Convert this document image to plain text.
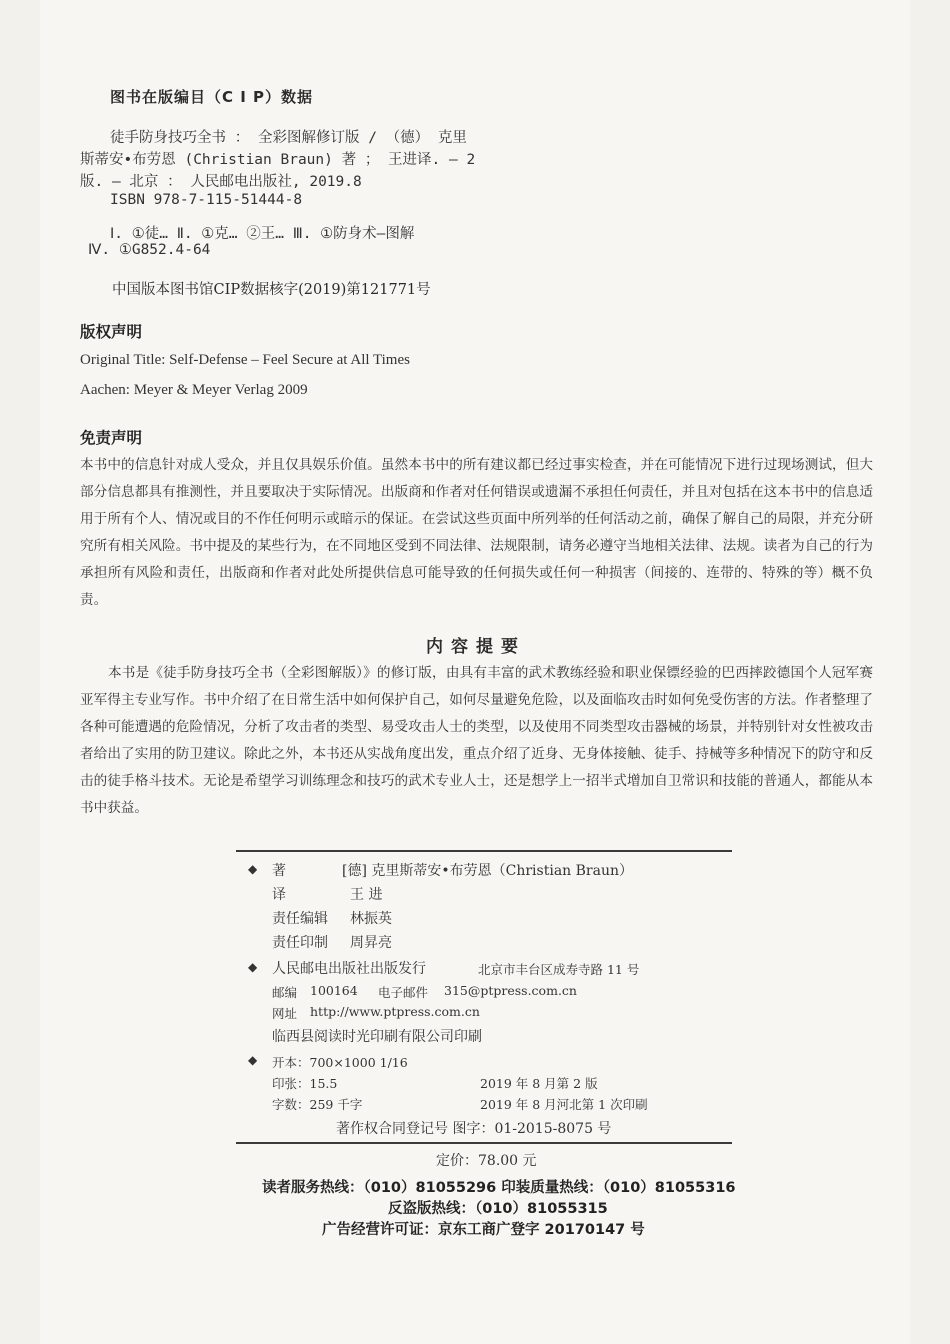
图书在版编目（C I P）数据
徒手防身技巧全书 ： 全彩图解修订版 / （德） 克里
斯蒂安•布劳恩 (Christian Braun) 著 ； 王进译. — 2
版. — 北京 ： 人民邮电出版社, 2019.8
ISBN 978-7-115-51444-8
Ⅰ. ①徒… Ⅱ. ①克… ②王… Ⅲ. ①防身术—图解
Ⅳ. ①G852.4-64
中国版本图书馆CIP数据核字(2019)第121771号
版权声明
Original Title: Self-Defense – Feel Secure at All Times
Aachen: Meyer & Meyer Verlag 2009
免责声明
本书中的信息针对成人受众，并且仅具娱乐价值。虽然本书中的所有建议都已经过事实检查，并在可能情况下进行过现场测试，但大部分信息都具有推测性，并且要取决于实际情况。出版商和作者对任何错误或遗漏不承担任何责任，并且对包括在这本书中的信息适用于所有个人、情况或目的不作任何明示或暗示的保证。在尝试这些页面中所列举的任何活动之前，确保了解自己的局限，并充分研究所有相关风险。书中提及的某些行为，在不同地区受到不同法律、法规限制，请务必遵守当地相关法律、法规。读者为自己的行为承担所有风险和责任，出版商和作者对此处所提供信息可能导致的任何损失或任何一种损害（间接的、连带的、特殊的等）概不负责。
内容提要
本书是《徒手防身技巧全书（全彩图解版）》的修订版，由具有丰富的武术教练经验和职业保镖经验的巴西摔跤德国个人冠军赛亚军得主专业写作。书中介绍了在日常生活中如何保护自己，如何尽量避免危险，以及面临攻击时如何免受伤害的方法。作者整理了各种可能遭遇的危险情况，分析了攻击者的类型、易受攻击人士的类型，以及使用不同类型攻击器械的场景，并特别针对女性被攻击者给出了实用的防卫建议。除此之外，本书还从实战角度出发，重点介绍了近身、无身体接触、徒手、持械等多种情况下的防守和反击的徒手格斗技术。无论是希望学习训练理念和技巧的武术专业人士，还是想学上一招半式增加自卫常识和技能的普通人，都能从本书中获益。
◆ 著	[德] 克里斯蒂安•布劳恩（Christian Braun）
译	王 进
责任编辑 林振英
责任印制 周昇亮
◆ 人民邮电出版社出版发行	北京市丰台区成寿寺路 11 号
邮编 100164 电子邮件 315@ptpress.com.cn
网址 http://www.ptpress.com.cn
临西县阅读时光印刷有限公司印刷
◆ 开本：700×1000 1/16
印张：15.5	2019 年 8 月第 2 版
字数：259 千字	2019 年 8 月河北第 1 次印刷
著作权合同登记号 图字：01-2015-8075 号
定价：78.00 元
读者服务热线：（010）81055296 印装质量热线：（010）81055316
反盗版热线：（010）81055315
广告经营许可证：京东工商广登字 20170147 号
